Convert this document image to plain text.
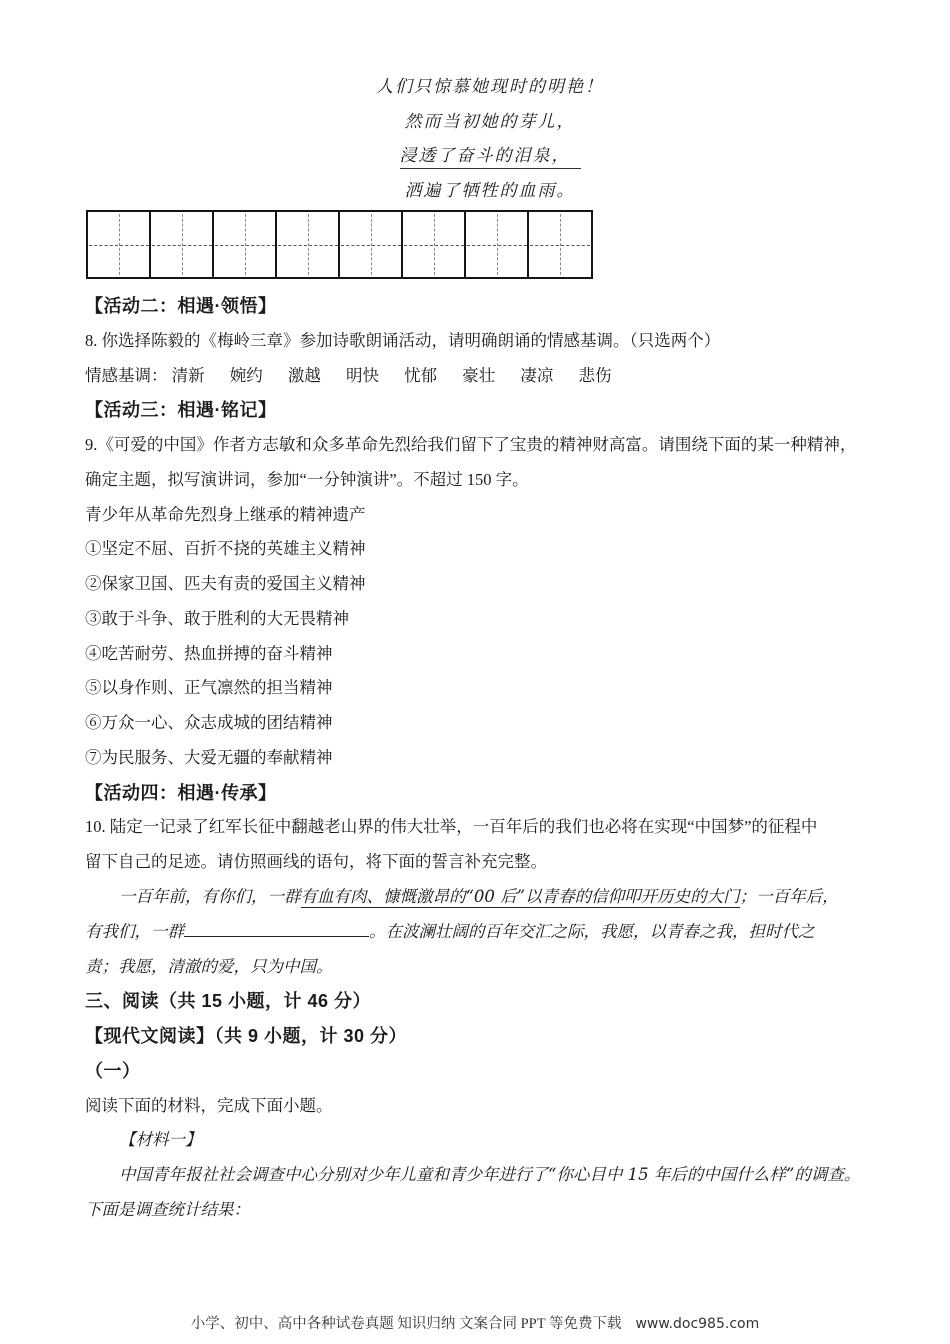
人们只惊慕她现时的明艳！
然而当初她的芽儿，
浸透了奋斗的泪泉，
洒遍了牺牲的血雨。
【活动二：相遇·领悟】
8. 你选择陈毅的《梅岭三章》参加诗歌朗诵活动，请明确朗诵的情感基调。（只选两个）
情感基调： 清新 婉约 激越 明快 忧郁 豪壮 凄凉 悲伤
【活动三：相遇·铭记】
9.《可爱的中国》作者方志敏和众多革命先烈给我们留下了宝贵的精神财高富。请围绕下面的某一种精神，
确定主题，拟写演讲词，参加“一分钟演讲”。不超过 150 字。
青少年从革命先烈身上继承的精神遗产
①坚定不屈、百折不挠的英雄主义精神
②保家卫国、匹夫有责的爱国主义精神
③敢于斗争、敢于胜利的大无畏精神
④吃苦耐劳、热血拼搏的奋斗精神
⑤以身作则、正气凛然的担当精神
⑥万众一心、众志成城的团结精神
⑦为民服务、大爱无疆的奉献精神
【活动四：相遇·传承】
10. 陆定一记录了红军长征中翻越老山界的伟大壮举，一百年后的我们也必将在实现“中国梦”的征程中
留下自己的足迹。请仿照画线的语句，将下面的誓言补充完整。
一百年前，有你们，一群有血有肉、慷慨激昂的“00 后”以青春的信仰叩开历史的大门；一百年后，
有我们，一群	。在波澜壮阔的百年交汇之际，我愿，以青春之我，担时代之
责；我愿，清澈的爱，只为中国。
三、阅读（共 15 小题，计 46 分）
【现代文阅读】（共 9 小题，计 30 分）
（一）
阅读下面的材料，完成下面小题。
【材料一】
中国青年报社社会调查中心分别对少年儿童和青少年进行了“你心目中 15 年后的中国什么样”的调查。
下面是调查统计结果：
小学、初中、高中各种试卷真题 知识归纳 文案合同 PPT 等免费下载 www.doc985.com
